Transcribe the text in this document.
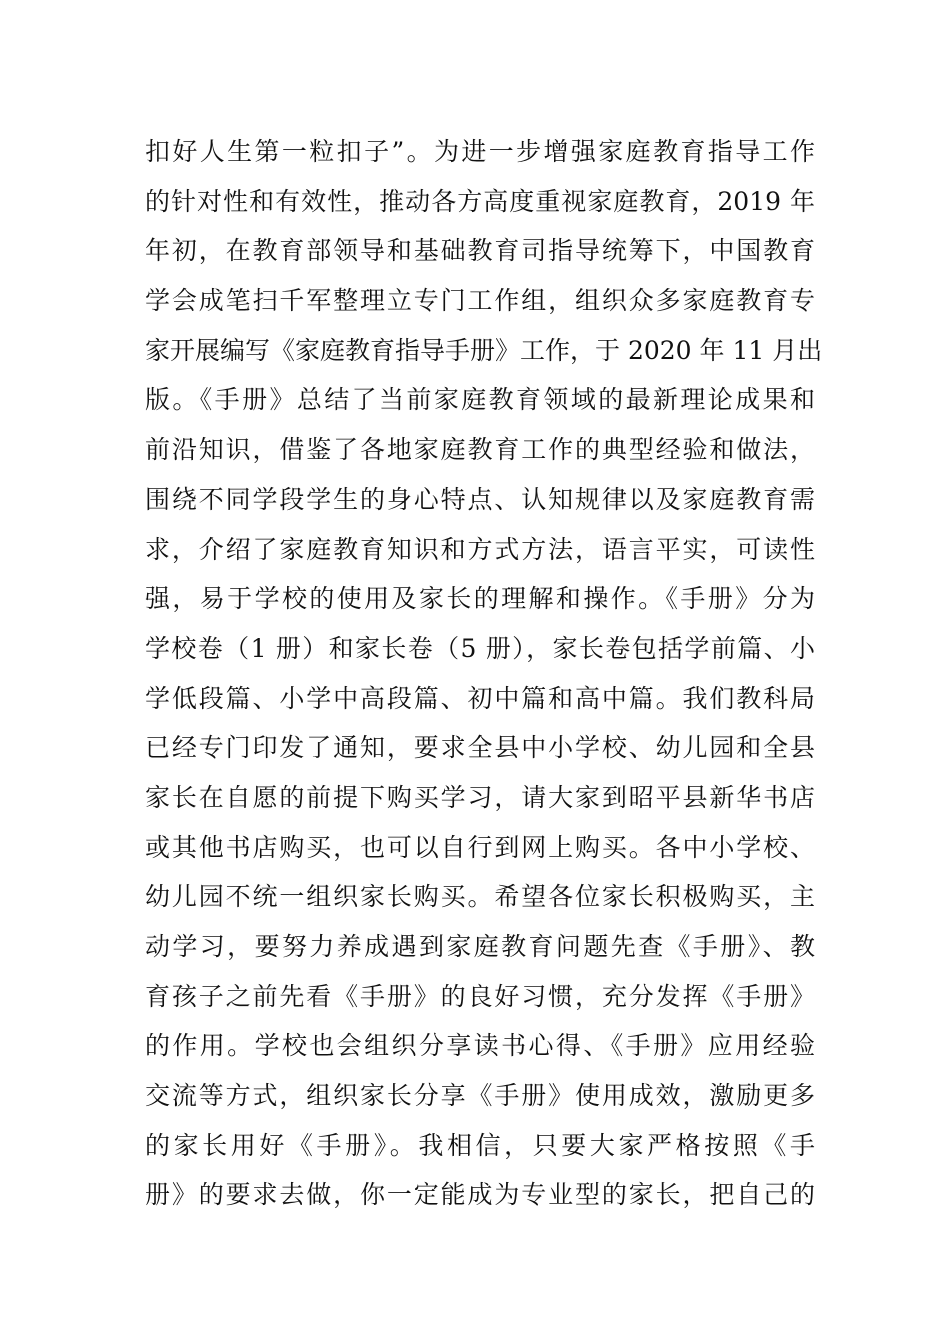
扣好人生第一粒扣子”。为进一步增强家庭教育指导工作
的针对性和有效性，推动各方高度重视家庭教育，2019 年
年初，在教育部领导和基础教育司指导统筹下，中国教育
学会成笔扫千军整理立专门工作组，组织众多家庭教育专
家开展编写《家庭教育指导手册》工作，于 2020 年 11 月出
版。《手册》总结了当前家庭教育领域的最新理论成果和
前沿知识，借鉴了各地家庭教育工作的典型经验和做法，
围绕不同学段学生的身心特点、认知规律以及家庭教育需
求，介绍了家庭教育知识和方式方法，语言平实，可读性
强，易于学校的使用及家长的理解和操作。《手册》分为
学校卷（1 册）和家长卷（5 册），家长卷包括学前篇、小
学低段篇、小学中高段篇、初中篇和高中篇。我们教科局
已经专门印发了通知，要求全县中小学校、幼儿园和全县
家长在自愿的前提下购买学习，请大家到昭平县新华书店
或其他书店购买，也可以自行到网上购买。各中小学校、
幼儿园不统一组织家长购买。希望各位家长积极购买，主
动学习，要努力养成遇到家庭教育问题先查《手册》、教
育孩子之前先看《手册》的良好习惯，充分发挥《手册》
的作用。学校也会组织分享读书心得、《手册》应用经验
交流等方式，组织家长分享《手册》使用成效，激励更多
的家长用好《手册》。我相信，只要大家严格按照《手
册》的要求去做，你一定能成为专业型的家长，把自己的
